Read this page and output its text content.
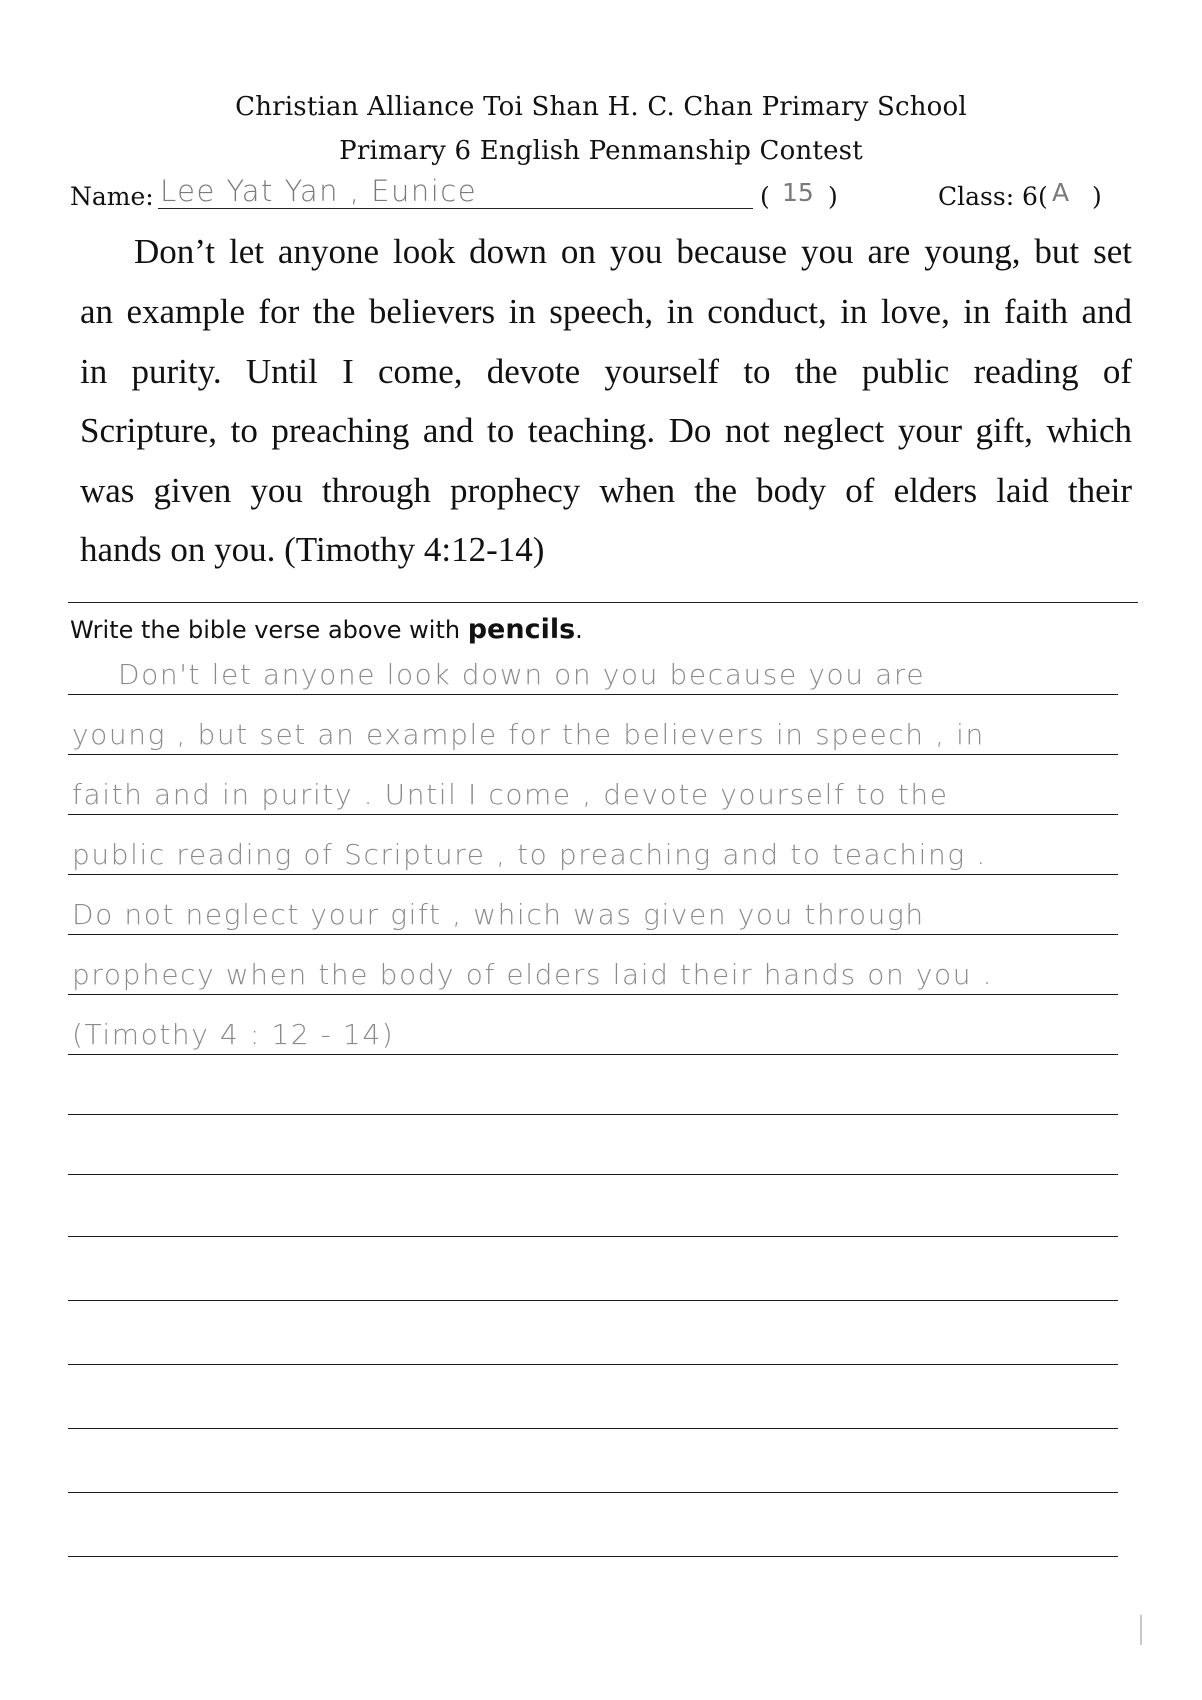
Christian Alliance Toi Shan H. C. Chan Primary School
Primary 6 English Penmanship Contest
Name: Lee Yat Yan , Eunice	( 15 )	Class: 6( A )
Don’t let anyone look down on you because you are young, but set
an example for the believers in speech, in conduct, in love, in faith and
in purity. Until I come, devote yourself to the public reading of
Scripture, to preaching and to teaching. Do not neglect your gift, which
was given you through prophecy when the body of elders laid their
hands on you. (Timothy 4:12-14)
Write the bible verse above with pencils.
Don't let anyone look down on you because you are
young , but set an example for the believers in speech , in
faith and in purity . Until I come , devote yourself to the
public reading of Scripture , to preaching and to teaching .
Do not neglect your gift , which was given you through
prophecy when the body of elders laid their hands on you .
(Timothy 4 : 12 - 14)
